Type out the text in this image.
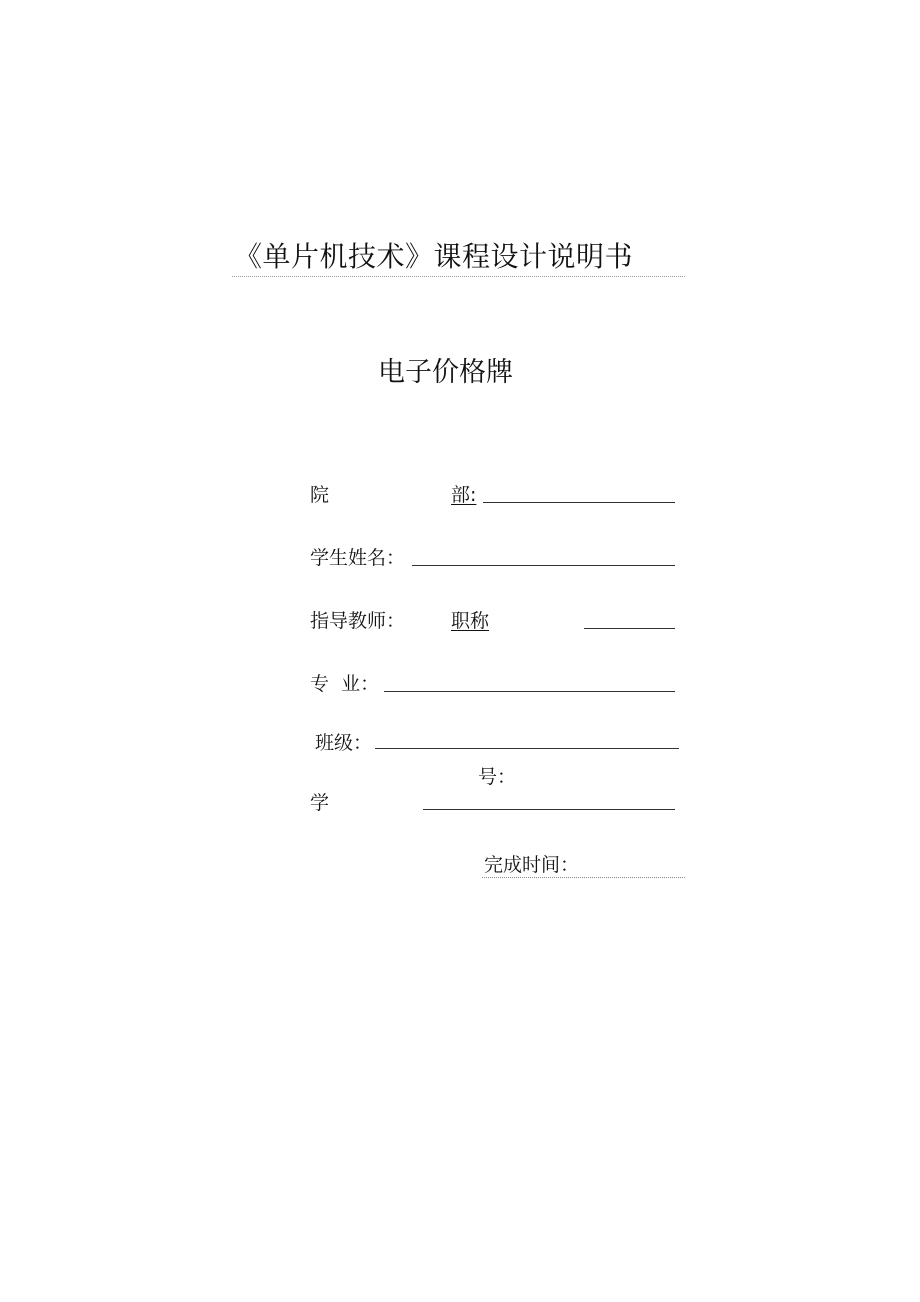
《单片机技术》课程设计说明书
电子价格牌
院	部:
学生姓名：
指导教师： 职称
专  业：
班级：
号：
学
完成时间：
